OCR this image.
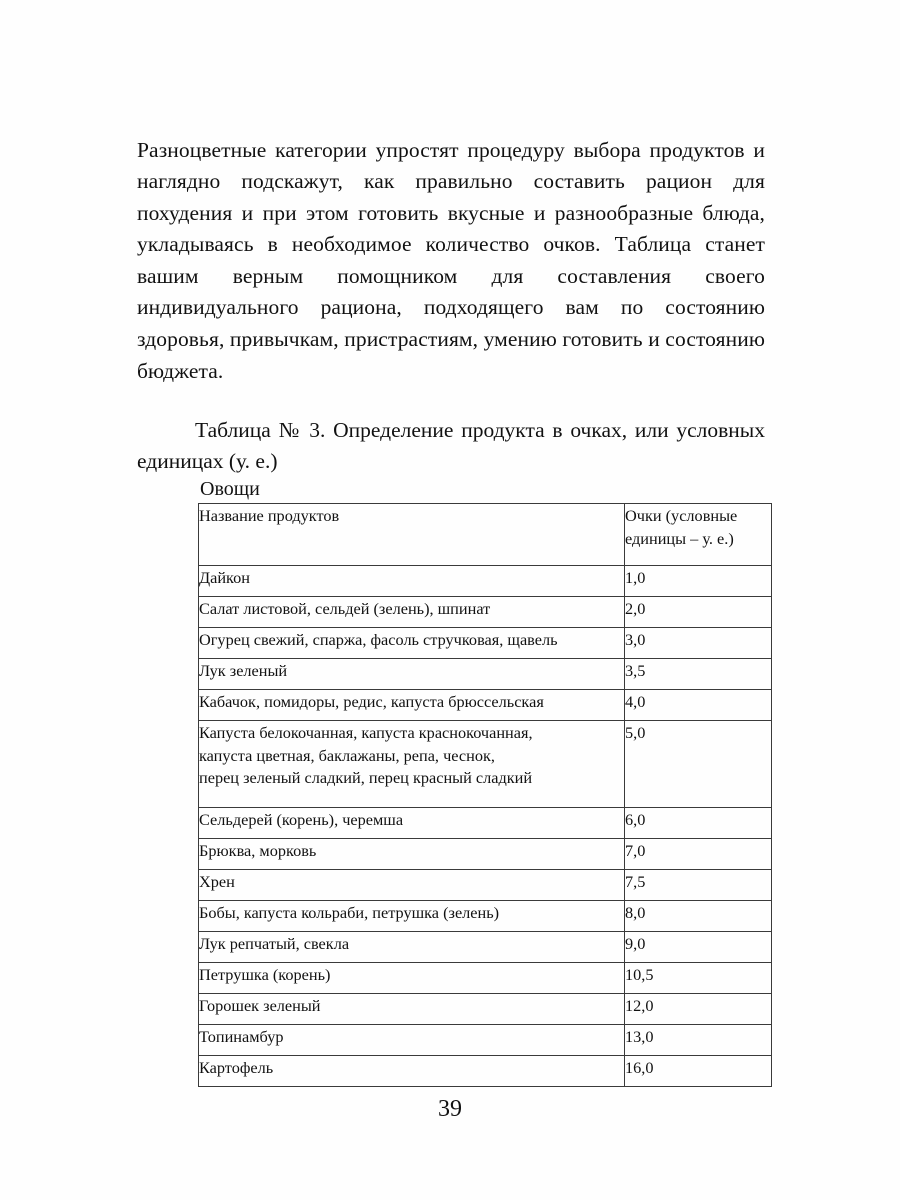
Разноцветные категории упростят процедуру выбора продуктов и наглядно подскажут, как правильно составить рацион для похудения и при этом готовить вкусные и разнообразные блюда, укладываясь в необходимое количество очков. Таблица станет вашим верным помощником для составления своего индивидуального рациона, подходящего вам по состоянию здоровья, привычкам, пристрастиям, умению готовить и состоянию бюджета.

Таблица № 3. Определение продукта в очках, или условных единицах (у. е.)

Овощи
Название продуктов	Очки (условные
единицы – у. е.)

Дайкон	1,0

Салат листовой, сельдей (зелень), шпинат	2,0

Огурец свежий, спаржа, фасоль стручковая, щавель	3,0

Лук зеленый	3,5

Кабачок, помидоры, редис, капуста брюссельская	4,0

Капуста белокочанная, капуста краснокочанная,
капуста цветная, баклажаны, репа, чеснок,
перец зеленый сладкий, перец красный сладкий	5,0

Сельдерей (корень), черемша	6,0

Брюква, морковь	7,0

Хрен	7,5

Бобы, капуста кольраби, петрушка (зелень)	8,0

Лук репчатый, свекла	9,0

Петрушка (корень)	10,5

Горошек зеленый	12,0

Топинамбур	13,0

Картофель	16,0
39
